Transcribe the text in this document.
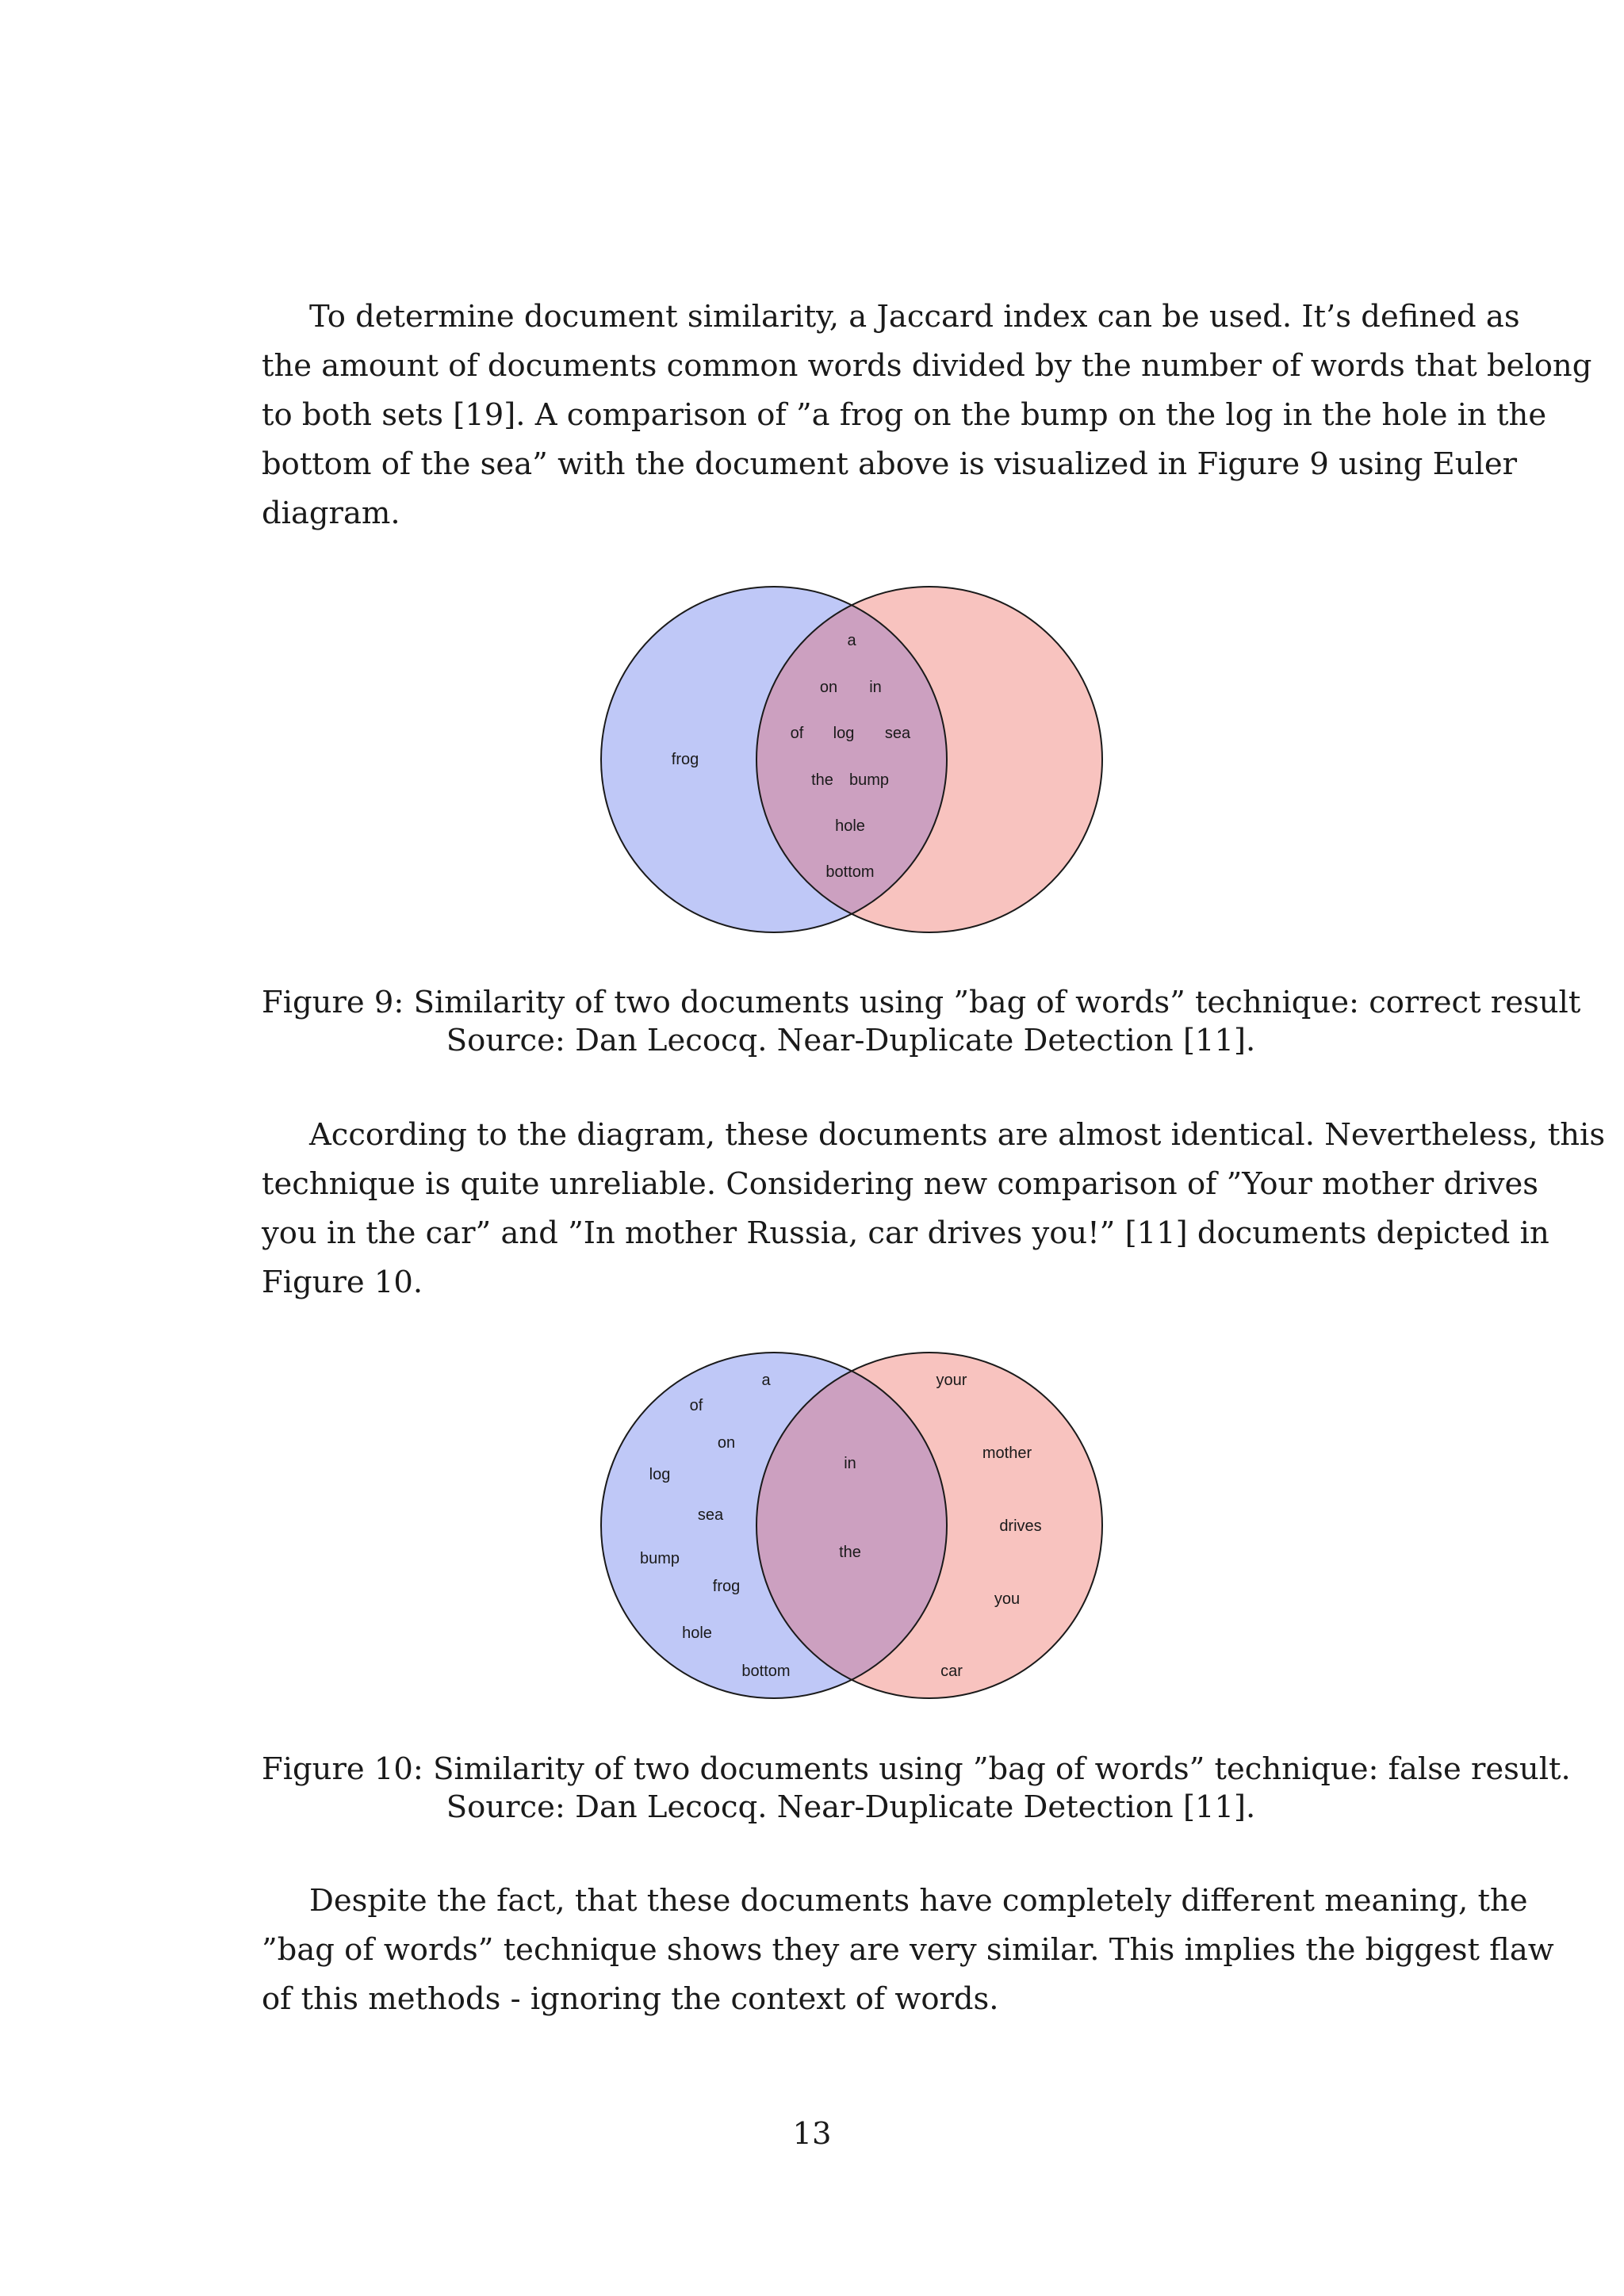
To determine document similarity, a Jaccard index can be used. It’s defined as
the amount of documents common words divided by the number of words that belong
to both sets [19]. A comparison of ”a frog on the bump on the log in the hole in the
bottom of the sea” with the document above is visualized in Figure 9 using Euler
diagram.
frog
a
on in
of log sea
the bump
hole
bottom
Figure 9: Similarity of two documents using ”bag of words” technique: correct result
Source: Dan Lecocq. Near-Duplicate Detection [11].
According to the diagram, these documents are almost identical. Nevertheless, this
technique is quite unreliable. Considering new comparison of ”Your mother drives
you in the car” and ”In mother Russia, car drives you!” [11] documents depicted in
Figure 10.
a
of
on
log
sea
bump
frog
hole
bottom
in
the
your
mother
drives
you
car
Figure 10: Similarity of two documents using ”bag of words” technique: false result.
Source: Dan Lecocq. Near-Duplicate Detection [11].
Despite the fact, that these documents have completely different meaning, the
”bag of words” technique shows they are very similar. This implies the biggest flaw
of this methods - ignoring the context of words.
13
